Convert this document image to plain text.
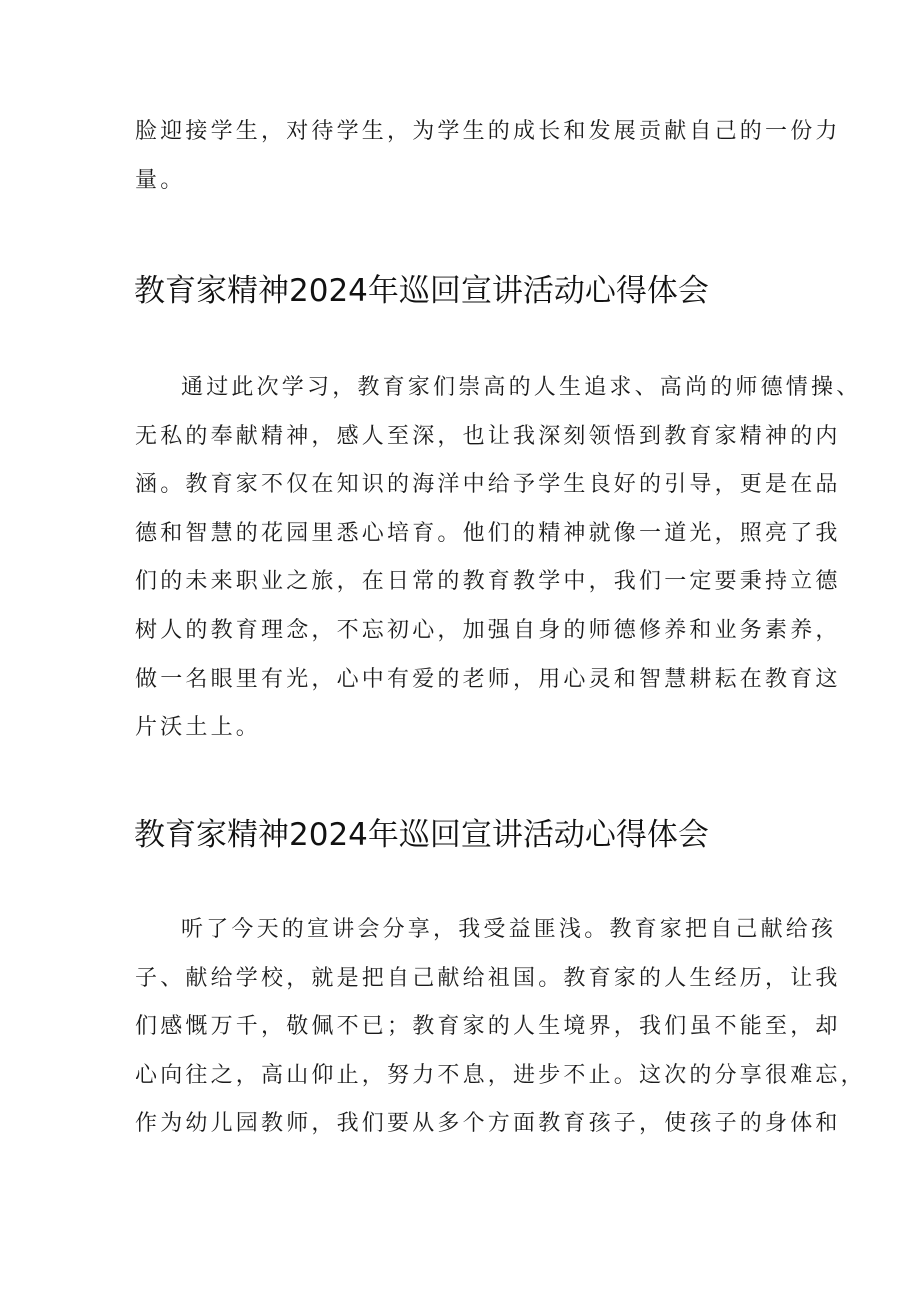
脸迎接学生，对待学生，为学生的成长和发展贡献自己的一份力
量。
教育家精神2024年巡回宣讲活动心得体会
通过此次学习，教育家们崇高的人生追求、高尚的师德情操、
无私的奉献精神，感人至深，也让我深刻领悟到教育家精神的内
涵。教育家不仅在知识的海洋中给予学生良好的引导，更是在品
德和智慧的花园里悉心培育。他们的精神就像一道光，照亮了我
们的未来职业之旅，在日常的教育教学中，我们一定要秉持立德
树人的教育理念，不忘初心，加强自身的师德修养和业务素养，
做一名眼里有光，心中有爱的老师，用心灵和智慧耕耘在教育这
片沃土上。
教育家精神2024年巡回宣讲活动心得体会
听了今天的宣讲会分享，我受益匪浅。教育家把自己献给孩
子、献给学校，就是把自己献给祖国。教育家的人生经历，让我
们感慨万千，敬佩不已；教育家的人生境界，我们虽不能至，却
心向往之，高山仰止，努力不息，进步不止。这次的分享很难忘，
作为幼儿园教师，我们要从多个方面教育孩子，使孩子的身体和
